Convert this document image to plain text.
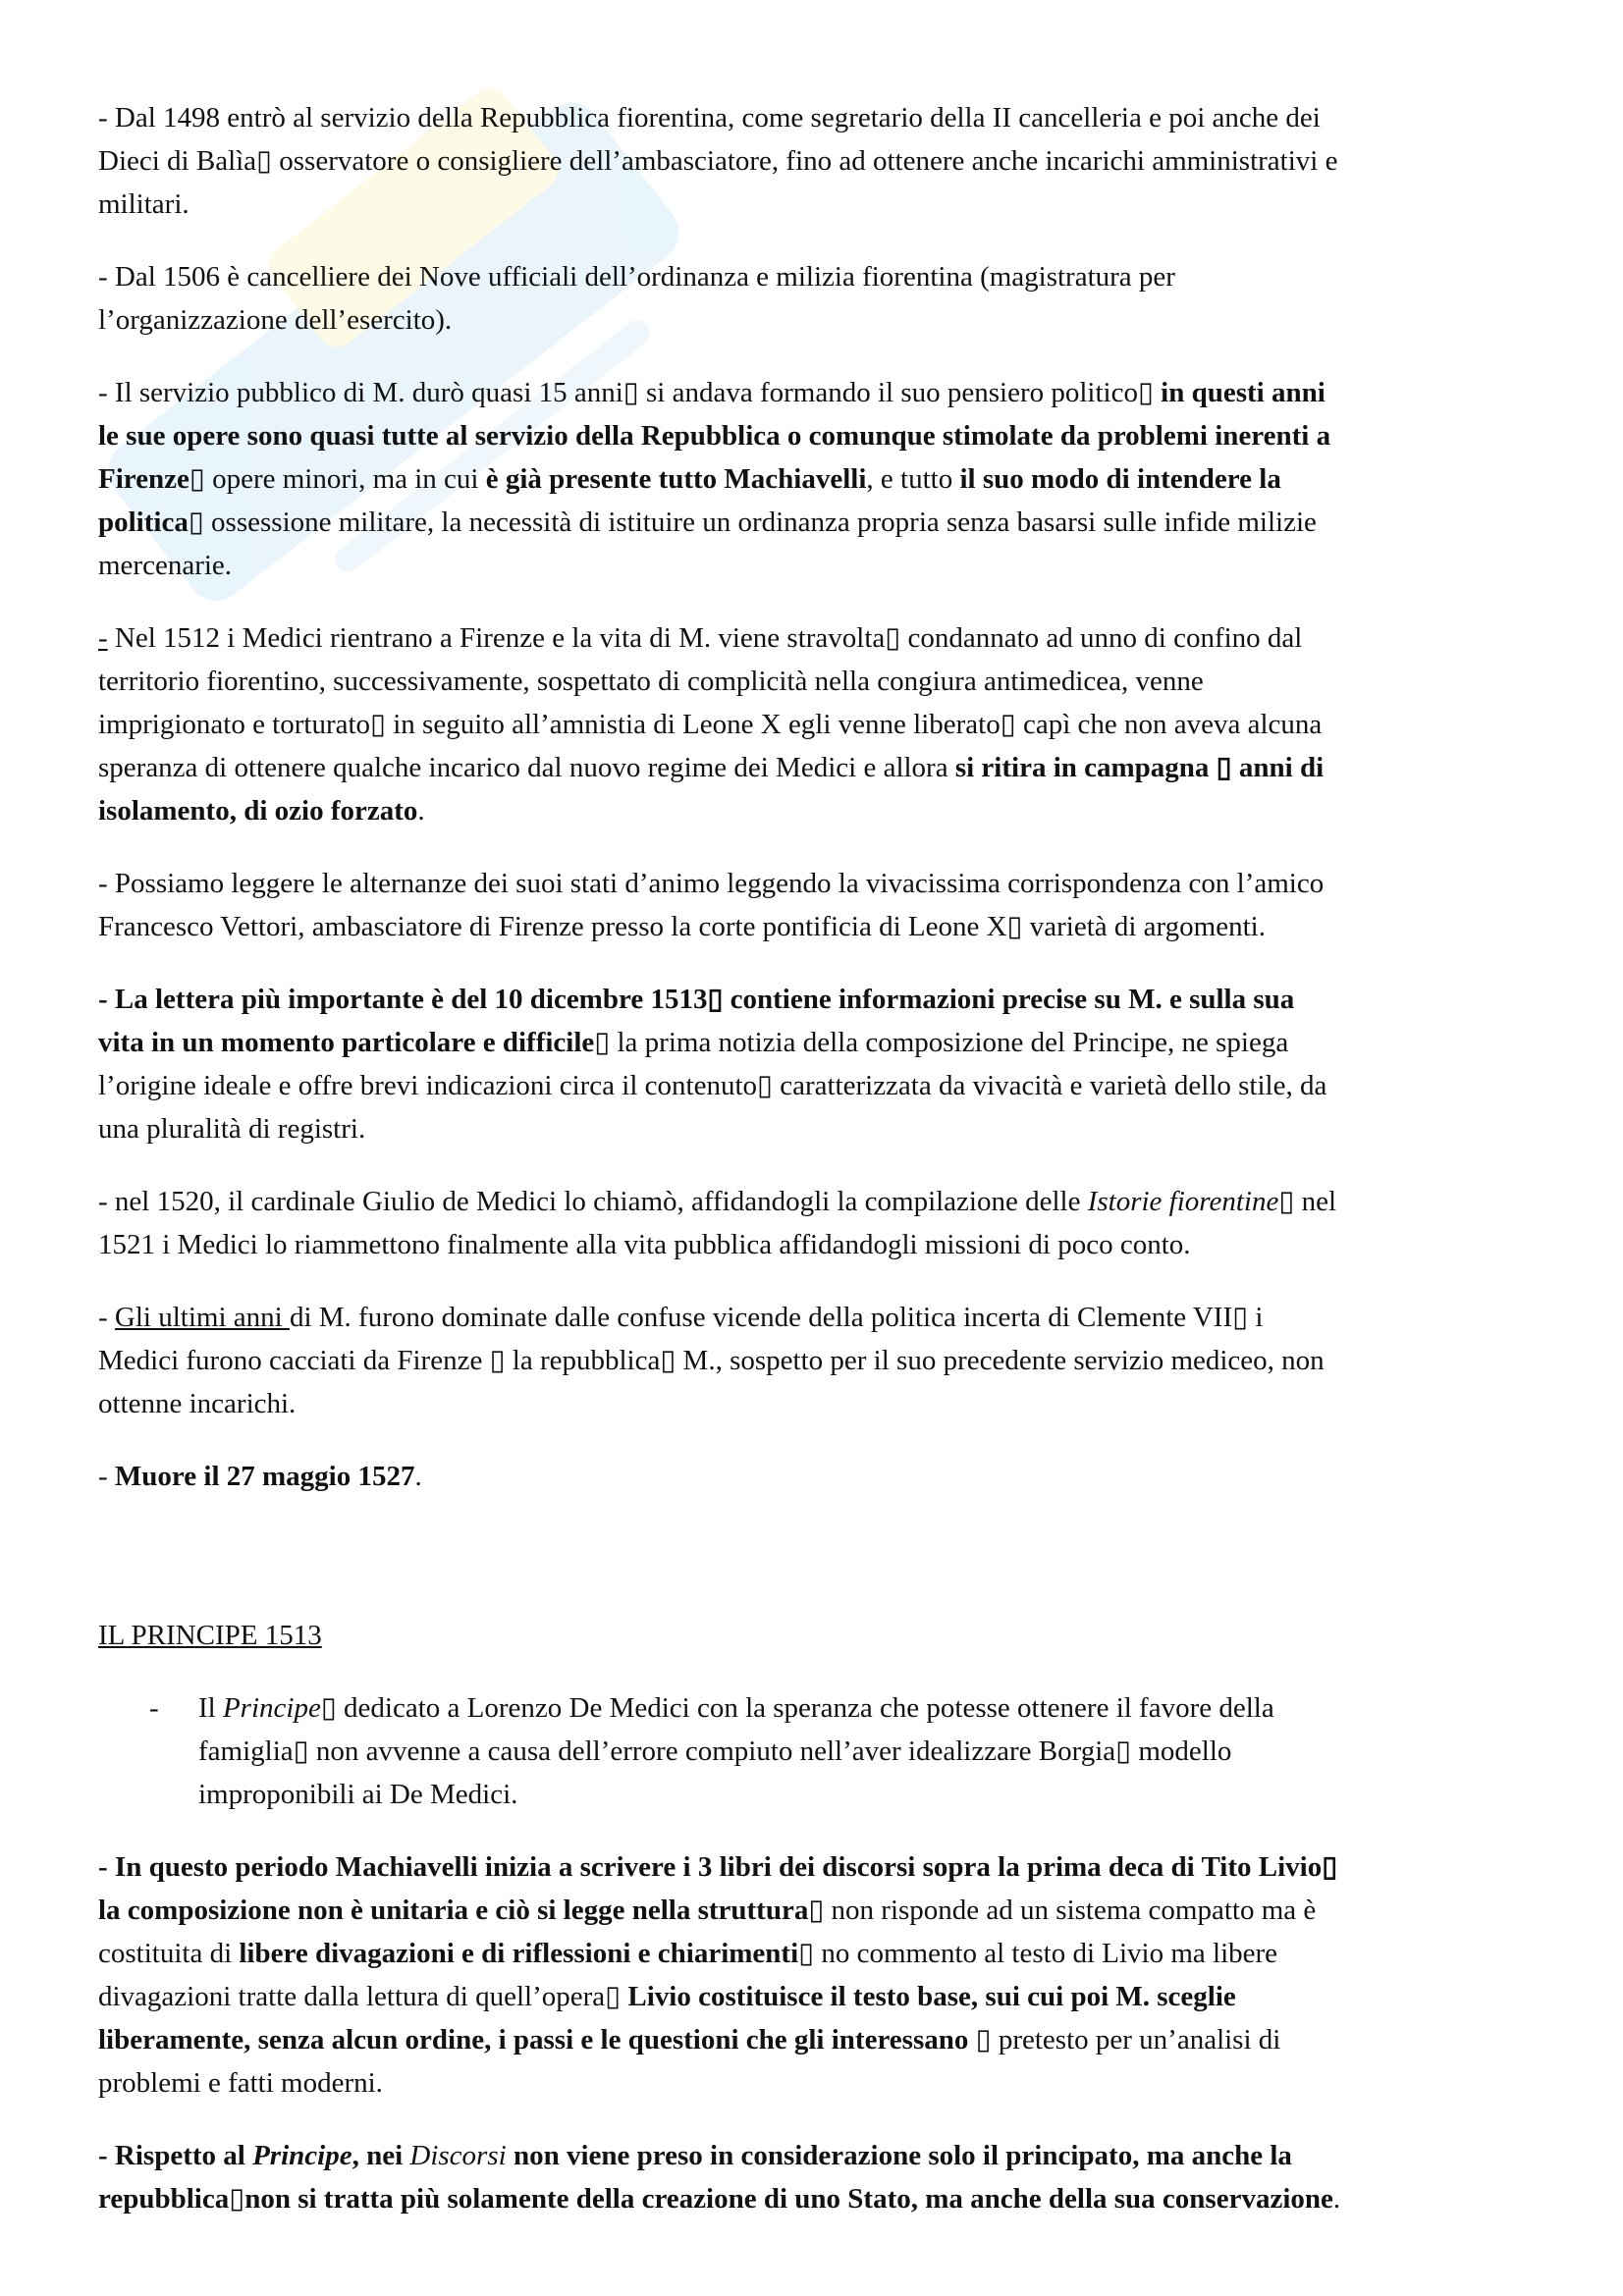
- Dal 1498 entrò al servizio della Repubblica fiorentina, come segretario della II cancelleria e poi anche dei
Dieci di Balìa▯ osservatore o consigliere dell’ambasciatore, fino ad ottenere anche incarichi amministrativi e
militari.
- Dal 1506 è cancelliere dei Nove ufficiali dell’ordinanza e milizia fiorentina (magistratura per
l’organizzazione dell’esercito).
- Il servizio pubblico di M. durò quasi 15 anni▯ si andava formando il suo pensiero politico▯ in questi anni
le sue opere sono quasi tutte al servizio della Repubblica o comunque stimolate da problemi inerenti a
Firenze▯ opere minori, ma in cui è già presente tutto Machiavelli, e tutto il suo modo di intendere la
politica▯ ossessione militare, la necessità di istituire un ordinanza propria senza basarsi sulle infide milizie
mercenarie.
- Nel 1512 i Medici rientrano a Firenze e la vita di M. viene stravolta▯ condannato ad unno di confino dal
territorio fiorentino, successivamente, sospettato di complicità nella congiura antimedicea, venne
imprigionato e torturato▯ in seguito all’amnistia di Leone X egli venne liberato▯ capì che non aveva alcuna
speranza di ottenere qualche incarico dal nuovo regime dei Medici e allora si ritira in campagna ▯ anni di
isolamento, di ozio forzato.
- Possiamo leggere le alternanze dei suoi stati d’animo leggendo la vivacissima corrispondenza con l’amico
Francesco Vettori, ambasciatore di Firenze presso la corte pontificia di Leone X▯ varietà di argomenti.
- La lettera più importante è del 10 dicembre 1513▯ contiene informazioni precise su M. e sulla sua
vita in un momento particolare e difficile▯ la prima notizia della composizione del Principe, ne spiega
l’origine ideale e offre brevi indicazioni circa il contenuto▯ caratterizzata da vivacità e varietà dello stile, da
una pluralità di registri.
- nel 1520, il cardinale Giulio de Medici lo chiamò, affidandogli la compilazione delle Istorie fiorentine▯ nel
1521 i Medici lo riammettono finalmente alla vita pubblica affidandogli missioni di poco conto.
- Gli ultimi anni di M. furono dominate dalle confuse vicende della politica incerta di Clemente VII▯ i
Medici furono cacciati da Firenze ▯ la repubblica▯ M., sospetto per il suo precedente servizio mediceo, non
ottenne incarichi.
- Muore il 27 maggio 1527.
IL PRINCIPE 1513
- Il Principe▯ dedicato a Lorenzo De Medici con la speranza che potesse ottenere il favore della
famiglia▯ non avvenne a causa dell’errore compiuto nell’aver idealizzare Borgia▯ modello
improponibili ai De Medici.
- In questo periodo Machiavelli inizia a scrivere i 3 libri dei discorsi sopra la prima deca di Tito Livio▯
la composizione non è unitaria e ciò si legge nella struttura▯ non risponde ad un sistema compatto ma è
costituita di libere divagazioni e di riflessioni e chiarimenti▯ no commento al testo di Livio ma libere
divagazioni tratte dalla lettura di quell’opera▯ Livio costituisce il testo base, sui cui poi M. sceglie
liberamente, senza alcun ordine, i passi e le questioni che gli interessano ▯ pretesto per un’analisi di
problemi e fatti moderni.
- Rispetto al Principe, nei Discorsi non viene preso in considerazione solo il principato, ma anche la
repubblica▯non si tratta più solamente della creazione di uno Stato, ma anche della sua conservazione.
